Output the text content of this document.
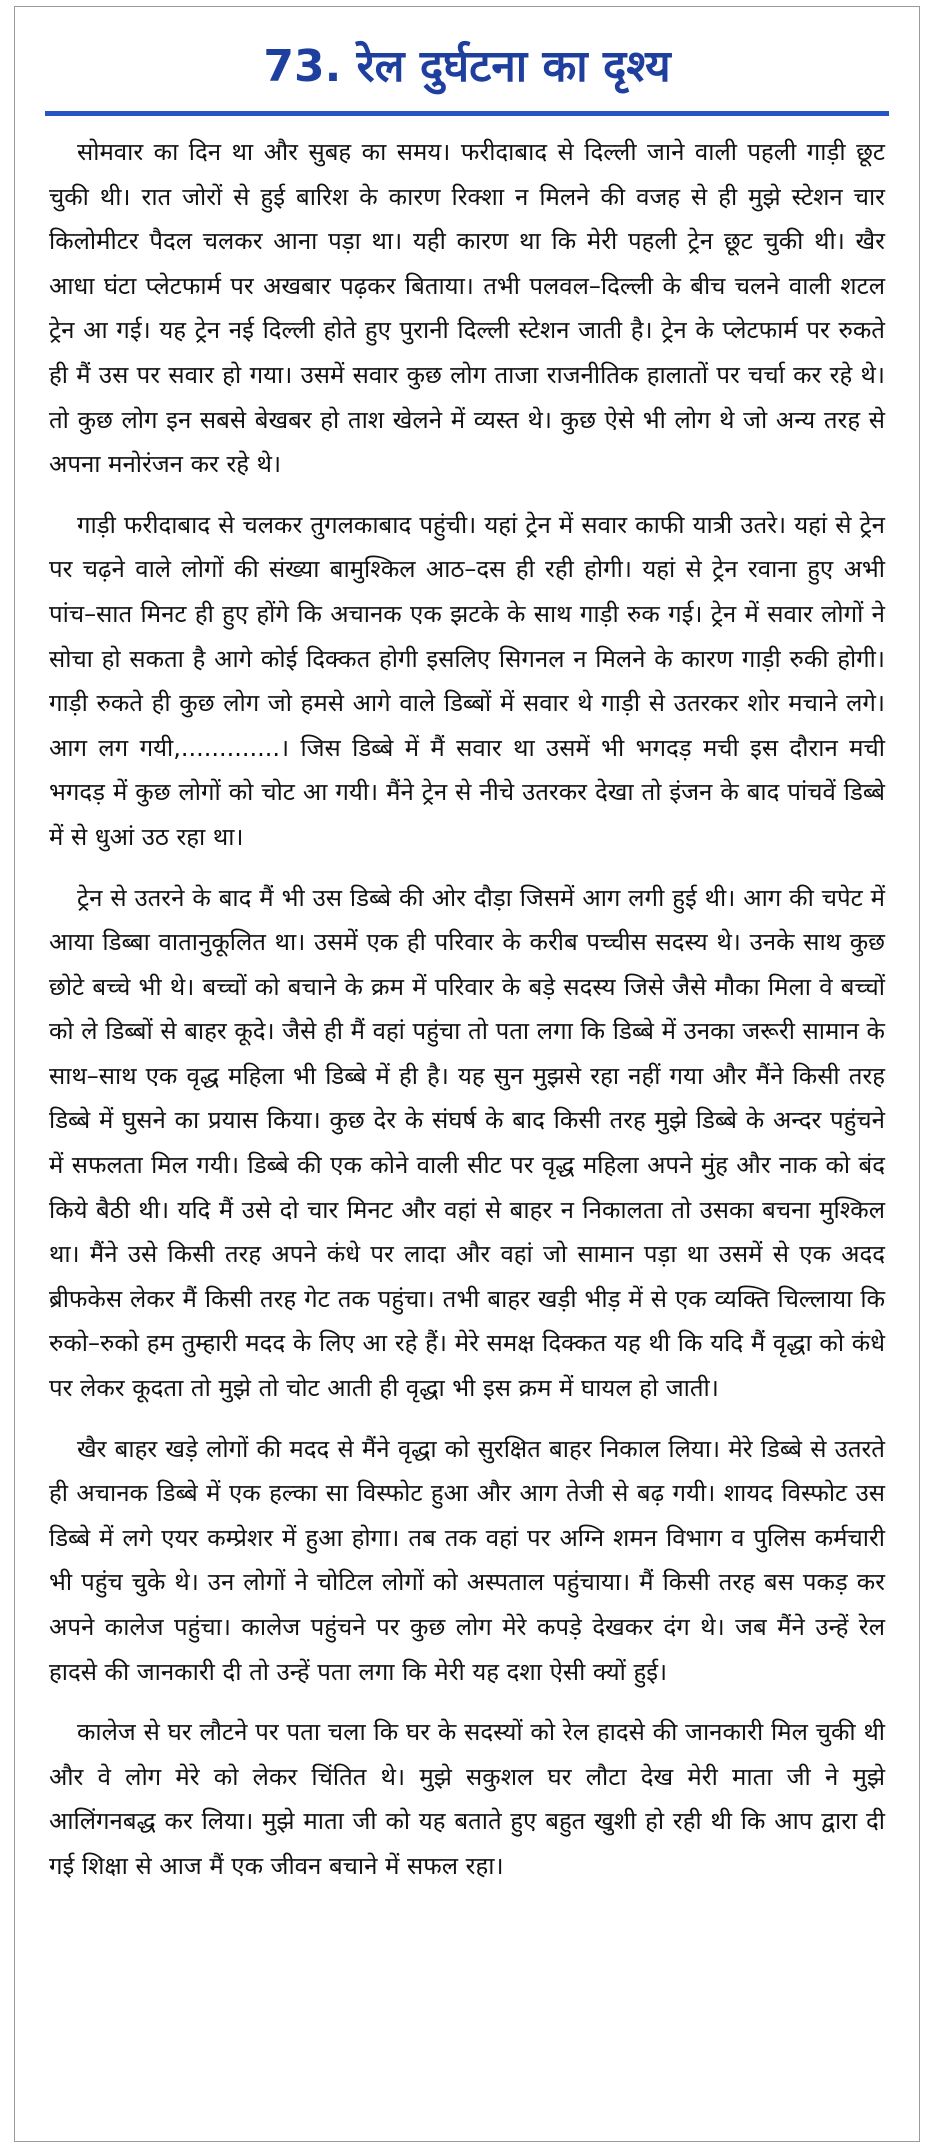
73. रेल दुर्घटना का दृश्य

सोमवार का दिन था और सुबह का समय। फरीदाबाद से दिल्ली जाने वाली पहली गाड़ी छूट चुकी थी। रात जोरों से हुई बारिश के कारण रिक्शा न मिलने की वजह से ही मुझे स्टेशन चार किलोमीटर पैदल चलकर आना पड़ा था। यही कारण था कि मेरी पहली ट्रेन छूट चुकी थी। खैर आधा घंटा प्लेटफार्म पर अखबार पढ़कर बिताया। तभी पलवल–दिल्ली के बीच चलने वाली शटल ट्रेन आ गई। यह ट्रेन नई दिल्ली होते हुए पुरानी दिल्ली स्टेशन जाती है। ट्रेन के प्लेटफार्म पर रुकते ही मैं उस पर सवार हो गया। उसमें सवार कुछ लोग ताजा राजनीतिक हालातों पर चर्चा कर रहे थे। तो कुछ लोग इन सबसे बेखबर हो ताश खेलने में व्यस्त थे। कुछ ऐसे भी लोग थे जो अन्य तरह से अपना मनोरंजन कर रहे थे।

गाड़ी फरीदाबाद से चलकर तुगलकाबाद पहुंची। यहां ट्रेन में सवार काफी यात्री उतरे। यहां से ट्रेन पर चढ़ने वाले लोगों की संख्या बामुश्किल आठ–दस ही रही होगी। यहां से ट्रेन रवाना हुए अभी पांच–सात मिनट ही हुए होंगे कि अचानक एक झटके के साथ गाड़ी रुक गई। ट्रेन में सवार लोगों ने सोचा हो सकता है आगे कोई दिक्कत होगी इसलिए सिगनल न मिलने के कारण गाड़ी रुकी होगी। गाड़ी रुकते ही कुछ लोग जो हमसे आगे वाले डिब्बों में सवार थे गाड़ी से उतरकर शोर मचाने लगे। आग लग गयी,.............। जिस डिब्बे में मैं सवार था उसमें भी भगदड़ मची इस दौरान मची भगदड़ में कुछ लोगों को चोट आ गयी। मैंने ट्रेन से नीचे उतरकर देखा तो इंजन के बाद पांचवें डिब्बे में से धुआं उठ रहा था।

ट्रेन से उतरने के बाद मैं भी उस डिब्बे की ओर दौड़ा जिसमें आग लगी हुई थी। आग की चपेट में आया डिब्बा वातानुकूलित था। उसमें एक ही परिवार के करीब पच्चीस सदस्य थे। उनके साथ कुछ छोटे बच्चे भी थे। बच्चों को बचाने के क्रम में परिवार के बड़े सदस्य जिसे जैसे मौका मिला वे बच्चों को ले डिब्बों से बाहर कूदे। जैसे ही मैं वहां पहुंचा तो पता लगा कि डिब्बे में उनका जरूरी सामान के साथ–साथ एक वृद्ध महिला भी डिब्बे में ही है। यह सुन मुझसे रहा नहीं गया और मैंने किसी तरह डिब्बे में घुसने का प्रयास किया। कुछ देर के संघर्ष के बाद किसी तरह मुझे डिब्बे के अन्दर पहुंचने में सफलता मिल गयी। डिब्बे की एक कोने वाली सीट पर वृद्ध महिला अपने मुंह और नाक को बंद किये बैठी थी। यदि मैं उसे दो चार मिनट और वहां से बाहर न निकालता तो उसका बचना मुश्किल था। मैंने उसे किसी तरह अपने कंधे पर लादा और वहां जो सामान पड़ा था उसमें से एक अदद ब्रीफकेस लेकर मैं किसी तरह गेट तक पहुंचा। तभी बाहर खड़ी भीड़ में से एक व्यक्ति चिल्लाया कि रुको–रुको हम तुम्हारी मदद के लिए आ रहे हैं। मेरे समक्ष दिक्कत यह थी कि यदि मैं वृद्धा को कंधे पर लेकर कूदता तो मुझे तो चोट आती ही वृद्धा भी इस क्रम में घायल हो जाती।

खैर बाहर खड़े लोगों की मदद से मैंने वृद्धा को सुरक्षित बाहर निकाल लिया। मेरे डिब्बे से उतरते ही अचानक डिब्बे में एक हल्का सा विस्फोट हुआ और आग तेजी से बढ़ गयी। शायद विस्फोट उस डिब्बे में लगे एयर कम्प्रेशर में हुआ होगा। तब तक वहां पर अग्नि शमन विभाग व पुलिस कर्मचारी भी पहुंच चुके थे। उन लोगों ने चोटिल लोगों को अस्पताल पहुंचाया। मैं किसी तरह बस पकड़ कर अपने कालेज पहुंचा। कालेज पहुंचने पर कुछ लोग मेरे कपड़े देखकर दंग थे। जब मैंने उन्हें रेल हादसे की जानकारी दी तो उन्हें पता लगा कि मेरी यह दशा ऐसी क्यों हुई।

कालेज से घर लौटने पर पता चला कि घर के सदस्यों को रेल हादसे की जानकारी मिल चुकी थी और वे लोग मेरे को लेकर चिंतित थे। मुझे सकुशल घर लौटा देख मेरी माता जी ने मुझे आलिंगनबद्ध कर लिया। मुझे माता जी को यह बताते हुए बहुत खुशी हो रही थी कि आप द्वारा दी गई शिक्षा से आज मैं एक जीवन बचाने में सफल रहा।
